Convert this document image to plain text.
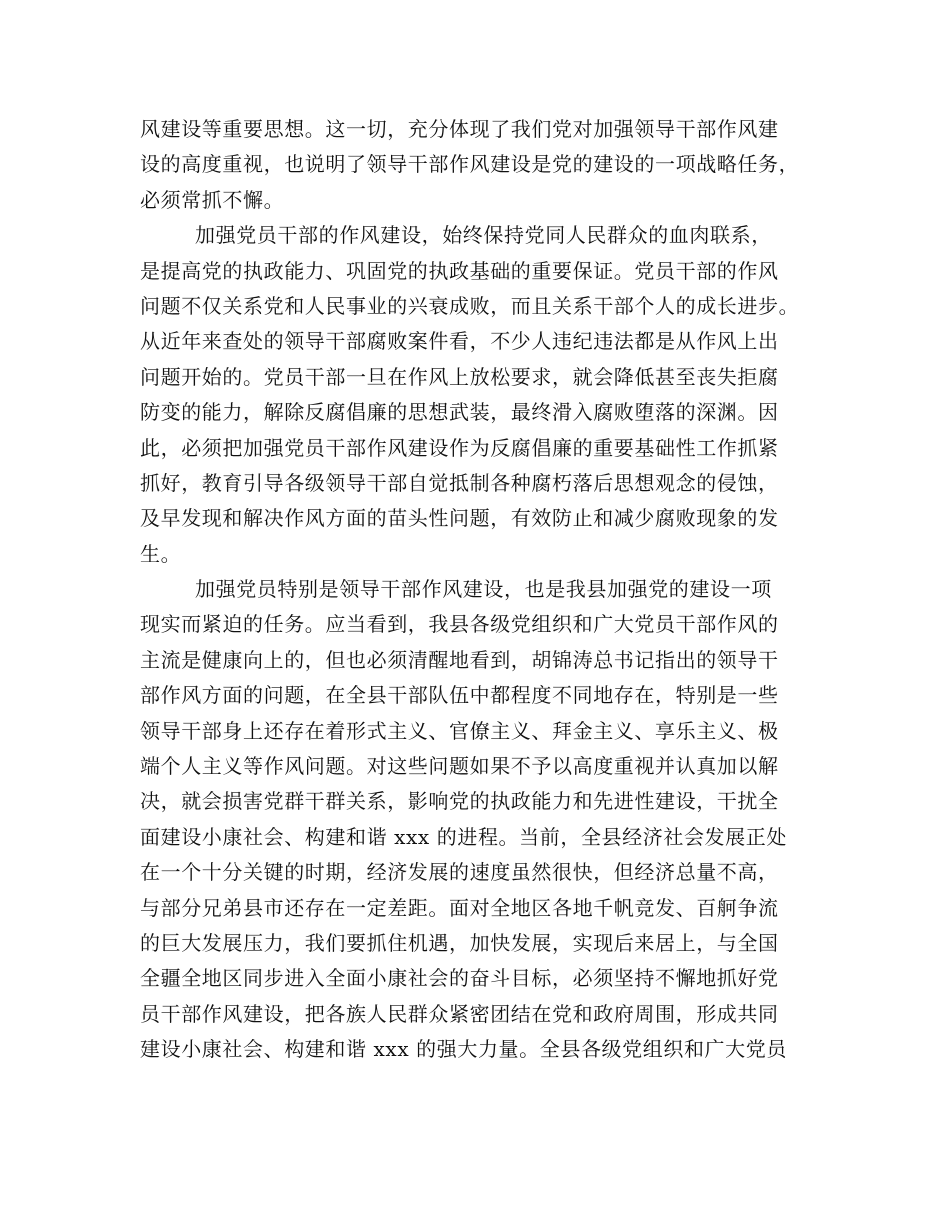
风建设等重要思想。这一切，充分体现了我们党对加强领导干部作风建
设的高度重视，也说明了领导干部作风建设是党的建设的一项战略任务，
必须常抓不懈。
加强党员干部的作风建设，始终保持党同人民群众的血肉联系，
是提高党的执政能力、巩固党的执政基础的重要保证。党员干部的作风
问题不仅关系党和人民事业的兴衰成败，而且关系干部个人的成长进步。
从近年来查处的领导干部腐败案件看，不少人违纪违法都是从作风上出
问题开始的。党员干部一旦在作风上放松要求，就会降低甚至丧失拒腐
防变的能力，解除反腐倡廉的思想武装，最终滑入腐败堕落的深渊。因
此，必须把加强党员干部作风建设作为反腐倡廉的重要基础性工作抓紧
抓好，教育引导各级领导干部自觉抵制各种腐朽落后思想观念的侵蚀，
及早发现和解决作风方面的苗头性问题，有效防止和减少腐败现象的发
生。
加强党员特别是领导干部作风建设，也是我县加强党的建设一项
现实而紧迫的任务。应当看到，我县各级党组织和广大党员干部作风的
主流是健康向上的，但也必须清醒地看到，胡锦涛总书记指出的领导干
部作风方面的问题，在全县干部队伍中都程度不同地存在，特别是一些
领导干部身上还存在着形式主义、官僚主义、拜金主义、享乐主义、极
端个人主义等作风问题。对这些问题如果不予以高度重视并认真加以解
决，就会损害党群干群关系，影响党的执政能力和先进性建设，干扰全
面建设小康社会、构建和谐 xxx 的进程。当前，全县经济社会发展正处
在一个十分关键的时期，经济发展的速度虽然很快，但经济总量不高，
与部分兄弟县市还存在一定差距。面对全地区各地千帆竞发、百舸争流
的巨大发展压力，我们要抓住机遇，加快发展，实现后来居上，与全国
全疆全地区同步进入全面小康社会的奋斗目标，必须坚持不懈地抓好党
员干部作风建设，把各族人民群众紧密团结在党和政府周围，形成共同
建设小康社会、构建和谐 xxx 的强大力量。全县各级党组织和广大党员
